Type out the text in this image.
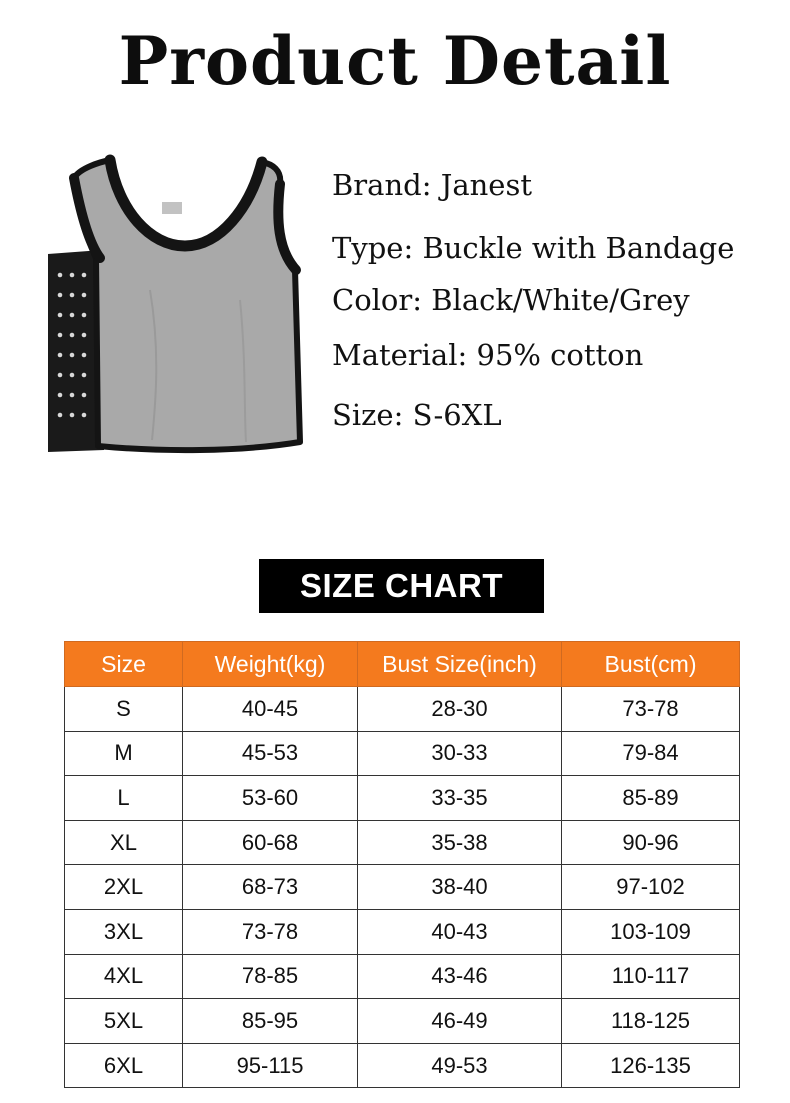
Product Detail
Brand: Janest
Type: Buckle with Bandage
Color: Black/White/Grey
Material: 95% cotton
Size: S-6XL
SIZE CHART
Size	Weight(kg)	Bust Size(inch)	Bust(cm)
S	40-45	28-30	73-78
M	45-53	30-33	79-84
L	53-60	33-35	85-89
XL	60-68	35-38	90-96
2XL	68-73	38-40	97-102
3XL	73-78	40-43	103-109
4XL	78-85	43-46	110-117
5XL	85-95	46-49	118-125
6XL	95-115	49-53	126-135
